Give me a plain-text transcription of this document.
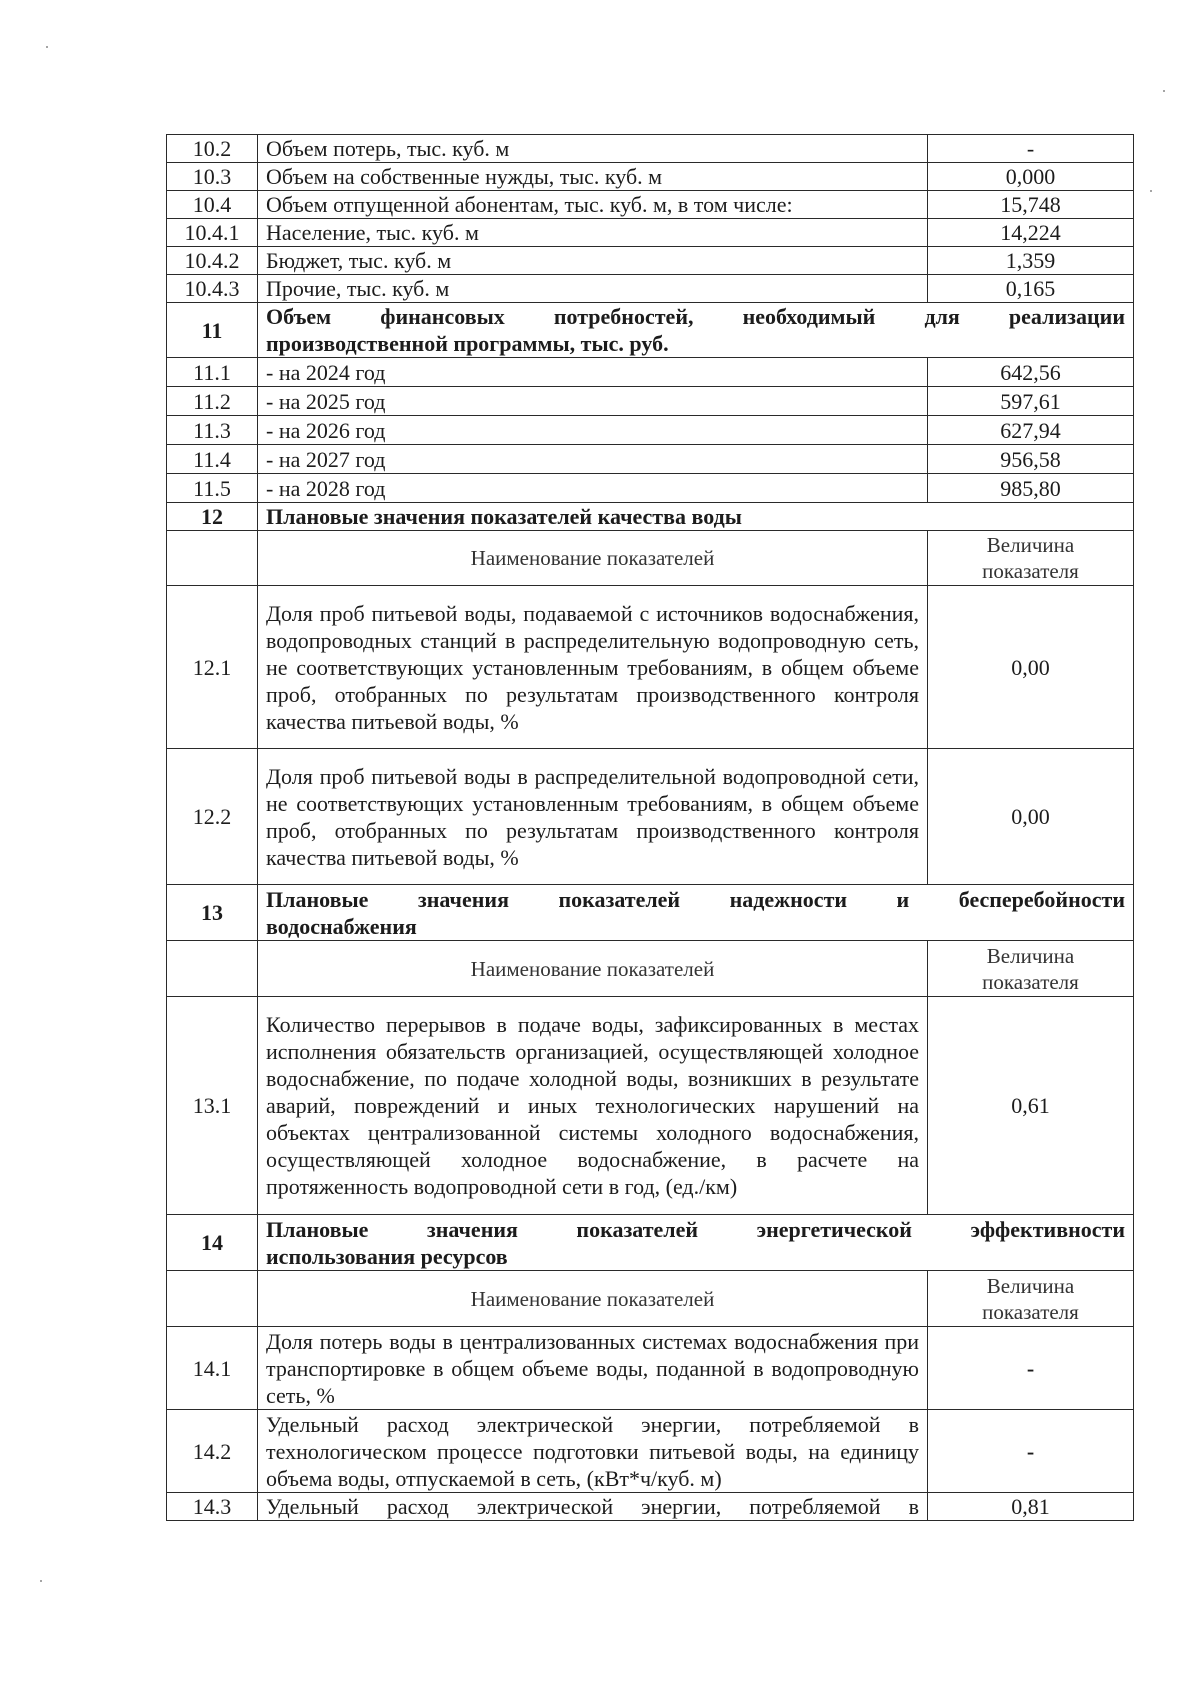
10.2	Объем потерь, тыс. куб. м	-
10.3	Объем на собственные нужды, тыс. куб. м	0,000
10.4	Объем отпущенной абонентам, тыс. куб. м, в том числе:	15,748
10.4.1	Население, тыс. куб. м	14,224
10.4.2	Бюджет, тыс. куб. м	1,359
10.4.3	Прочие, тыс. куб. м	0,165
11	Объем финансовых потребностей, необходимый для реализации
производственной программы, тыс. руб.	

11.1	- на 2024 год	642,56
11.2	- на 2025 год	597,61
11.3	- на 2026 год	627,94
11.4	- на 2027 год	956,58
11.5	- на 2028 год	985,80
12	Плановые значения показателей качества воды	
	Наименование показателей	Величина показателя
12.1	Доля проб питьевой воды, подаваемой с источников водоснабжения, водопроводных станций в распределительную водопроводную сеть, не соответствующих установленным требованиям, в общем объеме проб, отобранных по результатам производственного контроля качества питьевой воды, %	0,00
12.2	Доля проб питьевой воды в распределительной водопроводной сети, не соответствующих установленным требованиям, в общем объеме проб, отобранных по результатам производственного контроля качества питьевой воды, %	0,00
13	Плановые значения показателей надежности и бесперебойности
водоснабжения	

	Наименование показателей	Величина показателя
13.1	Количество перерывов в подаче воды, зафиксированных в местах исполнения обязательств организацией, осуществляющей холодное водоснабжение, по подаче холодной воды, возникших в результате аварий, повреждений и иных технологических нарушений на объектах централизованной системы холодного водоснабжения, осуществляющей холодное водоснабжение, в расчете на протяженность водопроводной сети в год, (ед./км)	0,61
14	Плановые значения показателей энергетической эффективности
использования ресурсов	

	Наименование показателей	Величина показателя
14.1	Доля потерь воды в централизованных системах водоснабжения при транспортировке в общем объеме воды, поданной в водопроводную сеть, %	-
14.2	Удельный расход электрической энергии, потребляемой в технологическом процессе подготовки питьевой воды, на единицу объема воды, отпускаемой в сеть, (кВт*ч/куб. м)	-
14.3	Удельный расход электрической энергии, потребляемой в	0,81
